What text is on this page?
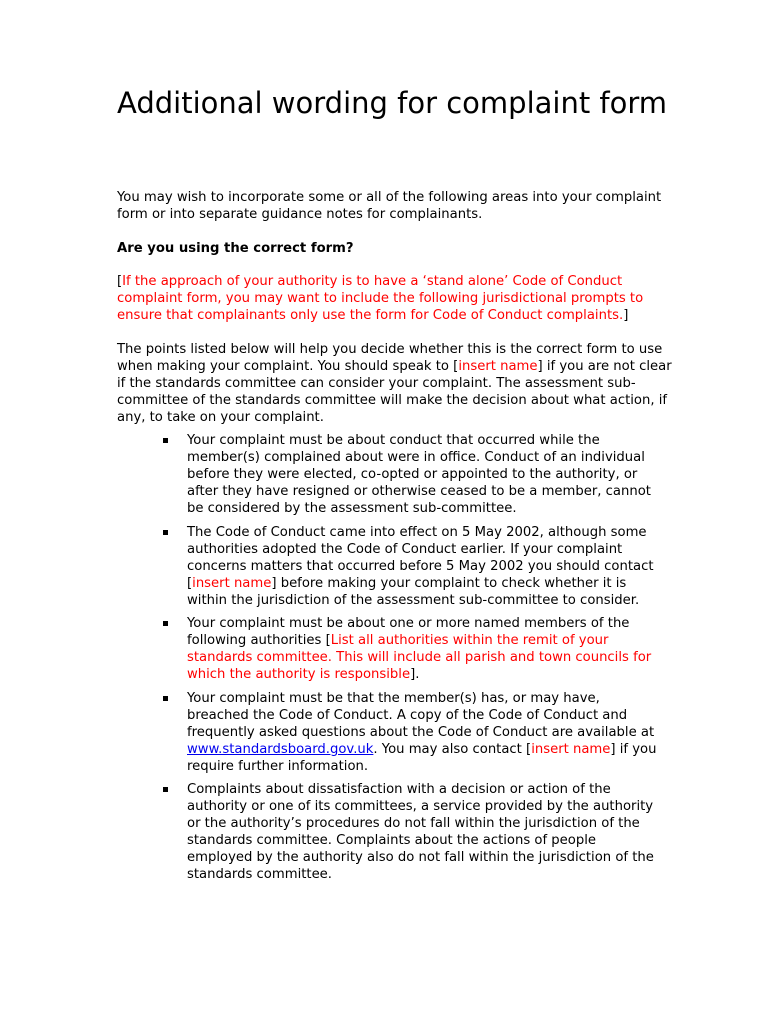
Additional wording for complaint form

You may wish to incorporate some or all of the following areas into your complaint form or into separate guidance notes for complainants.

Are you using the correct form?

[If the approach of your authority is to have a ‘stand alone’ Code of Conduct complaint form, you may want to include the following jurisdictional prompts to ensure that complainants only use the form for Code of Conduct complaints.]

The points listed below will help you decide whether this is the correct form to use when making your complaint. You should speak to [insert name] if you are not clear if the standards committee can consider your complaint. The assessment sub-committee of the standards committee will make the decision about what action, if any, to take on your complaint.

Your complaint must be about conduct that occurred while the member(s) complained about were in office. Conduct of an individual before they were elected, co-opted or appointed to the authority, or after they have resigned or otherwise ceased to be a member, cannot be considered by the assessment sub-committee.
The Code of Conduct came into effect on 5 May 2002, although some authorities adopted the Code of Conduct earlier. If your complaint concerns matters that occurred before 5 May 2002 you should contact [insert name] before making your complaint to check whether it is within the jurisdiction of the assessment sub-committee to consider.
Your complaint must be about one or more named members of the following authorities [List all authorities within the remit of your standards committee. This will include all parish and town councils for which the authority is responsible].
Your complaint must be that the member(s) has, or may have, breached the Code of Conduct. A copy of the Code of Conduct and frequently asked questions about the Code of Conduct are available at www.standardsboard.gov.uk. You may also contact [insert name] if you require further information.
Complaints about dissatisfaction with a decision or action of the authority or one of its committees, a service provided by the authority or the authority’s procedures do not fall within the jurisdiction of the standards committee. Complaints about the actions of people employed by the authority also do not fall within the jurisdiction of the standards committee.
